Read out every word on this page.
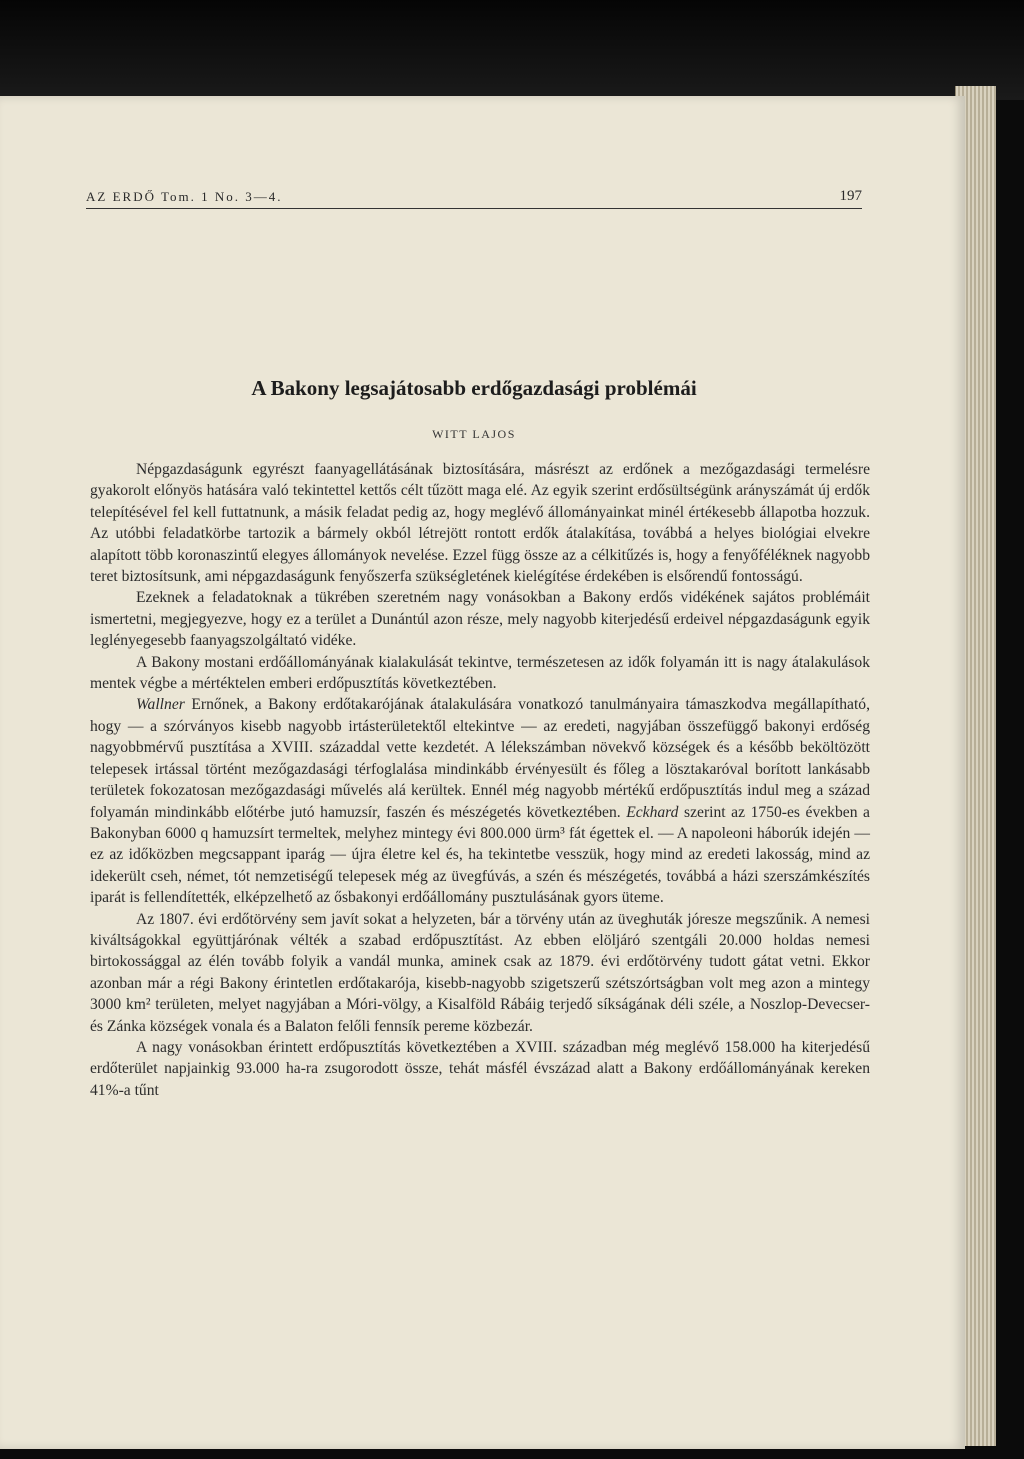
AZ ERDŐ Tom. 1 No. 3—4.	197
A Bakony legsajátosabb erdőgazdasági problémái
WITT LAJOS

Népgazdaságunk egyrészt faanyagellátásának biztosítására, másrészt az erdőnek a mezőgazdasági termelésre gyakorolt előnyös hatására való tekintettel kettős célt tűzött maga elé. Az egyik szerint erdősültségünk arányszámát új erdők telepítésével fel kell futtatnunk, a másik feladat pedig az, hogy meglévő állományainkat minél értékesebb állapotba hozzuk. Az utóbbi feladatkörbe tartozik a bármely okból létrejött rontott erdők átalakítása, továbbá a helyes biológiai elvekre alapított több koronaszintű elegyes állományok nevelése. Ezzel függ össze az a célkitűzés is, hogy a fenyőféléknek nagyobb teret biztosítsunk, ami népgazdaságunk fenyőszerfa szükségletének kielégítése érdekében is elsőrendű fontosságú.

Ezeknek a feladatoknak a tükrében szeretném nagy vonásokban a Bakony erdős vidékének sajátos problémáit ismertetni, megjegyezve, hogy ez a terület a Dunántúl azon része, mely nagyobb kiterjedésű erdeivel népgazdaságunk egyik leglényegesebb faanyagszolgáltató vidéke.

A Bakony mostani erdőállományának kialakulását tekintve, természetesen az idők folyamán itt is nagy átalakulások mentek végbe a mértéktelen emberi erdőpusztítás következtében.

Wallner Ernőnek, a Bakony erdőtakarójának átalakulására vonatkozó tanulmányaira támaszkodva megállapítható, hogy — a szórványos kisebb nagyobb irtásterületektől eltekintve — az eredeti, nagyjában összefüggő bakonyi erdőség nagyobbmérvű pusztítása a XVIII. századdal vette kezdetét. A lélekszámban növekvő községek és a később beköltözött telepesek irtással történt mezőgazdasági térfoglalása mindinkább érvényesült és főleg a lösztakaróval borított lankásabb területek fokozatosan mezőgazdasági művelés alá kerültek. Ennél még nagyobb mértékű erdőpusztítás indul meg a század folyamán mindinkább előtérbe jutó hamuzsír, faszén és mészégetés következtében. Eckhard szerint az 1750-es években a Bakonyban 6000 q hamuzsírt termeltek, melyhez mintegy évi 800.000 ürm³ fát égettek el. — A napoleoni háborúk idején — ez az időközben megcsappant iparág — újra életre kel és, ha tekintetbe vesszük, hogy mind az eredeti lakosság, mind az idekerült cseh, német, tót nemzetiségű telepesek még az üvegfúvás, a szén és mészégetés, továbbá a házi szerszámkészítés iparát is fellendítették, elképzelhető az ősbakonyi erdőállomány pusztulásának gyors üteme.

Az 1807. évi erdőtörvény sem javít sokat a helyzeten, bár a törvény után az üveghuták jóresze megszűnik. A nemesi kiváltságokkal együttjárónak vélték a szabad erdőpusztítást. Az ebben elöljáró szentgáli 20.000 holdas nemesi birtokossággal az élén tovább folyik a vandál munka, aminek csak az 1879. évi erdőtörvény tudott gátat vetni. Ekkor azonban már a régi Bakony érintetlen erdőtakarója, kisebb-nagyobb szigetszerű szétszórtságban volt meg azon a mintegy 3000 km² területen, melyet nagyjában a Móri-völgy, a Kisalföld Rábáig terjedő síkságának déli széle, a Noszlop-Devecser- és Zánka községek vonala és a Balaton felőli fennsík pereme közbezár.

A nagy vonásokban érintett erdőpusztítás következtében a XVIII. században még meglévő 158.000 ha kiterjedésű erdőterület napjainkig 93.000 ha-ra zsugorodott össze, tehát másfél évszázad alatt a Bakony erdőállományának kereken 41%-a tűnt
